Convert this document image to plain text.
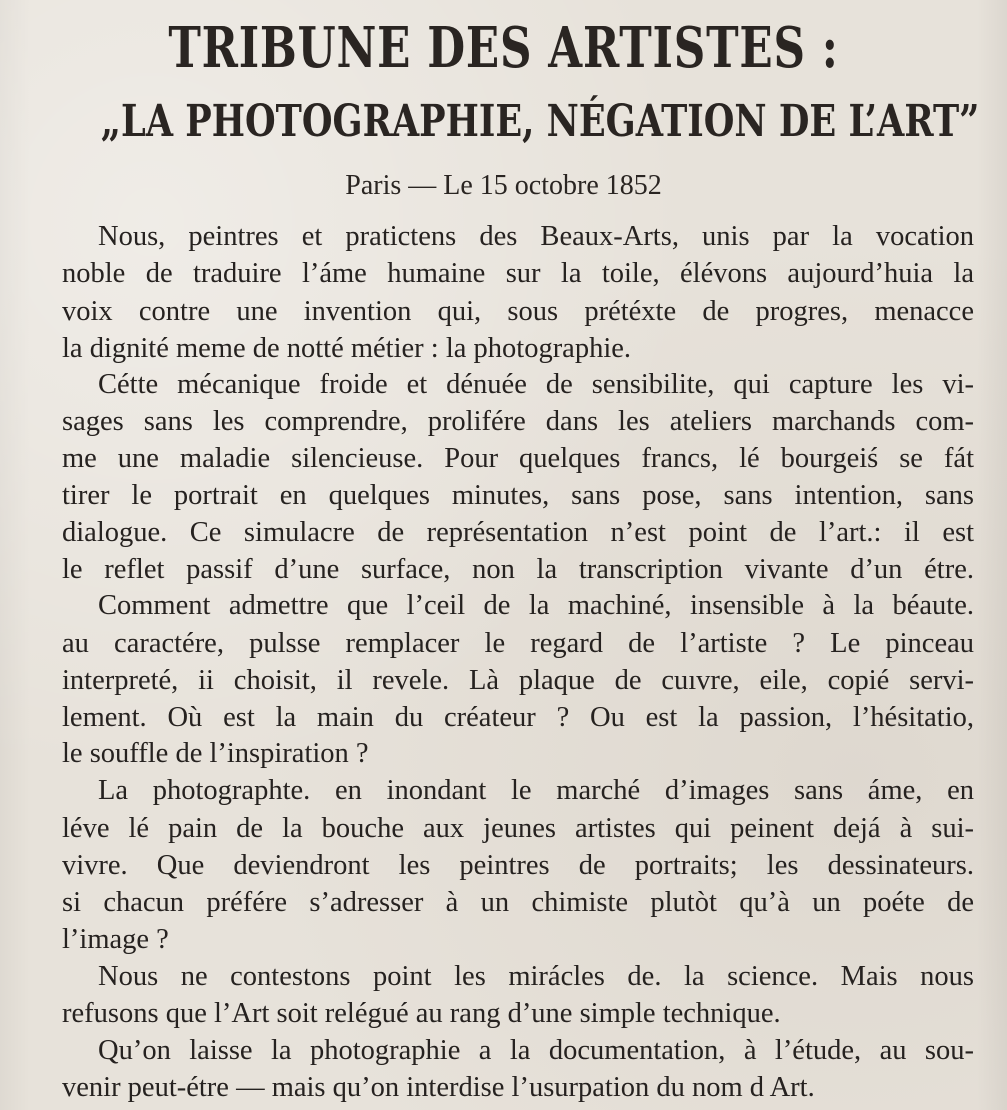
TRIBUNE DES ARTISTES :
„LA PHOTOGRAPHIE, NÉGATION DE L’ART”
Paris — Le 15 octobre 1852
Nous, peintres et pratictens des Beaux-Arts, unis par la vocation
noble de traduire l’áme humaine sur la toile, élévons aujourd’huia la
voix contre une invention qui, sous prétéxte de progres, menacce
la dignité meme de notté métier : la photographie.
Cétte mécanique froide et dénuée de sensibilite, qui capture les vi-
sages sans les comprendre, proliférе dans les ateliers marchands com-
me une maladie silencieuse. Pour quelques francs, lé bourgeiś se fát
tirer le portrait en quelques minutes, sans pose, sans intention, sans
dialogue. Ce simulacre de représentation n’est point de l’art.: il est
le reflet passif d’une surface, non la transcription vivante d’un étre.
Comment admettre que l’ceil de la machiné, insensible à la béaute.
au caractére, pulsse remplacer le regard de l’artiste ? Le pinceau
interpreté, ii choisit, il revele. Là plaque de cuıvre, eile, copié servi-
lement. Où est la main du créateur ? Ou est la passion, l’hésitatio,
le souffle de l’inspiration ?
La photographte. en inondant le marché d’images sans áme, en
léve lé pain de la bouche aux jeunes artistes qui peinent dejá à sui-
vivre. Que deviendront les peintres de portraits; les dessinateurs.
si chacun préfére s’adresser à un chimiste plutòt qu’à un poéte de
l’image ?
Nous ne contestons point les mirácles de. la science. Mais nous
refusons que l’Art soit relégué au rang d’une simple technique.
Qu’on laisse la photographie a la documentation, à l’étude, au sou-
venir peut-étre — mais qu’on interdise l’usurpation du nom d Art.
